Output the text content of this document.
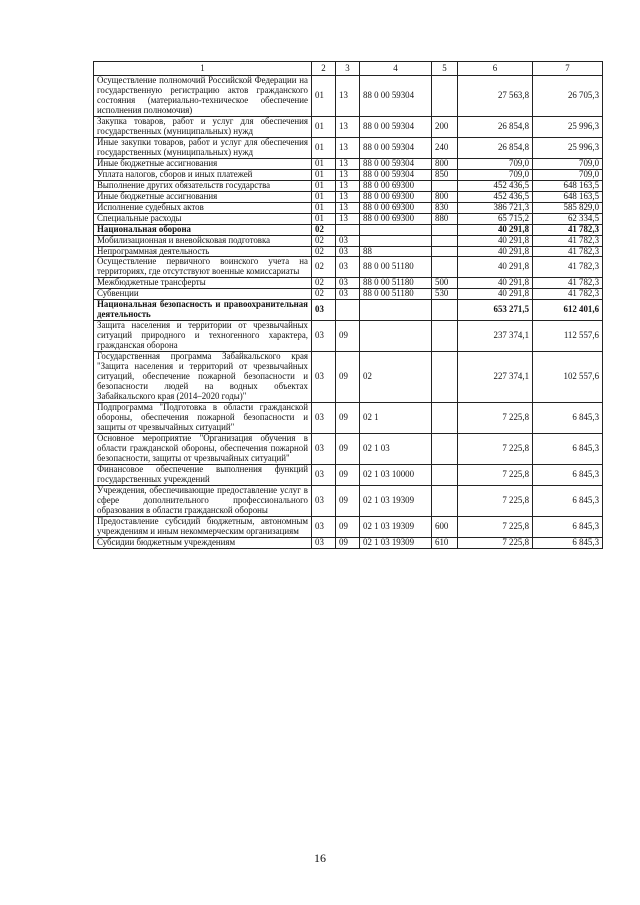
1	2	3	4	5	6	7
Осуществление полномочий Российской Федерации на государственную регистрацию актов гражданского состояния (материально-техническое обеспечение исполнения полномочия)	01	13	88 0 00 59304		27 563,8	26 705,3
Закупка товаров, работ и услуг для обеспечения государственных (муниципальных) нужд	01	13	88 0 00 59304	200	26 854,8	25 996,3
Иные закупки товаров, работ и услуг для обеспечения государственных (муниципальных) нужд	01	13	88 0 00 59304	240	26 854,8	25 996,3
Иные бюджетные ассигнования	01	13	88 0 00 59304	800	709,0	709,0
Уплата налогов, сборов и иных платежей	01	13	88 0 00 59304	850	709,0	709,0
Выполнение других обязательств государства	01	13	88 0 00 69300		452 436,5	648 163,5
Иные бюджетные ассигнования	01	13	88 0 00 69300	800	452 436,5	648 163,5
Исполнение судебных актов	01	13	88 0 00 69300	830	386 721,3	585 829,0
Специальные расходы	01	13	88 0 00 69300	880	65 715,2	62 334,5
Национальная оборона	02				40 291,8	41 782,3
Мобилизационная и вневойсковая подготовка	02	03			40 291,8	41 782,3
Непрограммная деятельность	02	03	88		40 291,8	41 782,3
Осуществление первичного воинского учета на территориях, где отсутствуют военные комиссариаты	02	03	88 0 00 51180		40 291,8	41 782,3
Межбюджетные трансферты	02	03	88 0 00 51180	500	40 291,8	41 782,3
Субвенции	02	03	88 0 00 51180	530	40 291,8	41 782,3
Национальная безопасность и правоохранительная деятельность	03				653 271,5	612 401,6
Защита населения и территории от чрезвычайных ситуаций природного и техногенного характера, гражданская оборона	03	09			237 374,1	112 557,6
Государственная программа Забайкальского края "Защита населения и территорий от чрезвычайных ситуаций, обеспечение пожарной безопасности и безопасности людей на водных объектах Забайкальского края (2014–2020 годы)"	03	09	02		227 374,1	102 557,6
Подпрограмма "Подготовка в области гражданской обороны, обеспечения пожарной безопасности и защиты от чрезвычайных ситуаций"	03	09	02 1		7 225,8	6 845,3
Основное мероприятие "Организация обучения в области гражданской обороны, обеспечения пожарной безопасности, защиты от чрезвычайных ситуаций"	03	09	02 1 03		7 225,8	6 845,3
Финансовое обеспечение выполнения функций государственных учреждений	03	09	02 1 03 10000		7 225,8	6 845,3
Учреждения, обеспечивающие предоставление услуг в сфере дополнительного профессионального образования в области гражданской обороны	03	09	02 1 03 19309		7 225,8	6 845,3
Предоставление субсидий бюджетным, автономным учреждениям и иным некоммерческим организациям	03	09	02 1 03 19309	600	7 225,8	6 845,3
Субсидии бюджетным учреждениям	03	09	02 1 03 19309	610	7 225,8	6 845,3
16
